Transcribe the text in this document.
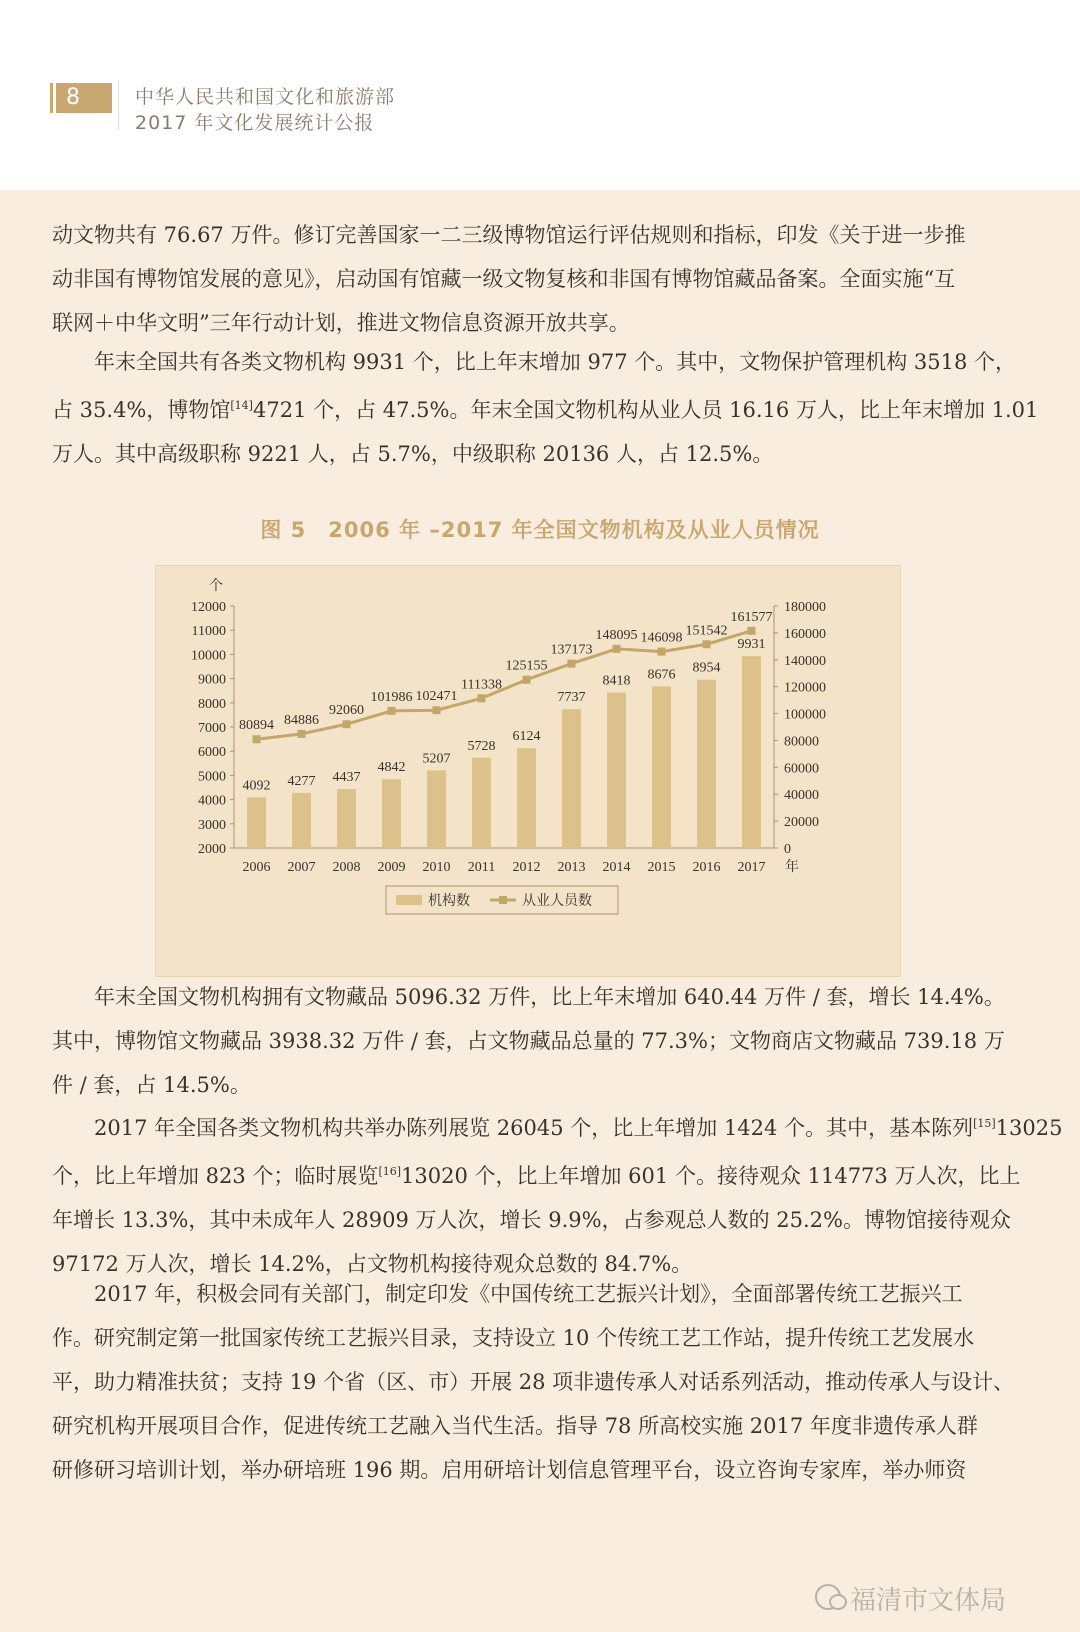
8	中华人民共和国文化和旅游部
2017 年文化发展统计公报

动文物共有 76.67 万件。修订完善国家一二三级博物馆运行评估规则和指标，印发《关于进一步推
动非国有博物馆发展的意见》，启动国有馆藏一级文物复核和非国有博物馆藏品备案。全面实施“互
联网＋中华文明”三年行动计划，推进文物信息资源开放共享。

　　年末全国共有各类文物机构 9931 个，比上年末增加 977 个。其中，文物保护管理机构 3518 个，
占 35.4%，博物馆[14]4721 个，占 47.5%。年末全国文物机构从业人员 16.16 万人，比上年末增加 1.01
万人。其中高级职称 9221 人，占 5.7%，中级职称 20136 人，占 12.5%。

图 5　2006 年 –2017 年全国文物机构及从业人员情况
2000
3000
4000
5000
6000
7000
8000
9000
10000
11000
12000
个
0
20000
40000
60000
80000
100000
120000
140000
160000
180000
4092 4277 4437
4842
5207
5728
6124
7737
8418 8676 8954
9931
2006 2007 2008 2009 2010 2011 2012 2013 2014 2015 2016 2017 年
80894 84886
92060
101986 102471
111338
125155
137173
148095 146098 151542
161577
机构数	从业人员数

　　年末全国文物机构拥有文物藏品 5096.32 万件，比上年末增加 640.44 万件 / 套，增长 14.4%。
其中，博物馆文物藏品 3938.32 万件 / 套，占文物藏品总量的 77.3%；文物商店文物藏品 739.18 万
件 / 套，占 14.5%。

　　2017 年全国各类文物机构共举办陈列展览 26045 个，比上年增加 1424 个。其中，基本陈列[15]13025
个，比上年增加 823 个；临时展览[16]13020 个，比上年增加 601 个。接待观众 114773 万人次，比上
年增长 13.3%，其中未成年人 28909 万人次，增长 9.9%，占参观总人数的 25.2%。博物馆接待观众
97172 万人次，增长 14.2%，占文物机构接待观众总数的 84.7%。

　　2017 年，积极会同有关部门，制定印发《中国传统工艺振兴计划》，全面部署传统工艺振兴工
作。研究制定第一批国家传统工艺振兴目录，支持设立 10 个传统工艺工作站，提升传统工艺发展水
平，助力精准扶贫；支持 19 个省（区、市）开展 28 项非遗传承人对话系列活动，推动传承人与设计、
研究机构开展项目合作，促进传统工艺融入当代生活。指导 78 所高校实施 2017 年度非遗传承人群
研修研习培训计划，举办研培班 196 期。启用研培计划信息管理平台，设立咨询专家库，举办师资

福清市文体局
